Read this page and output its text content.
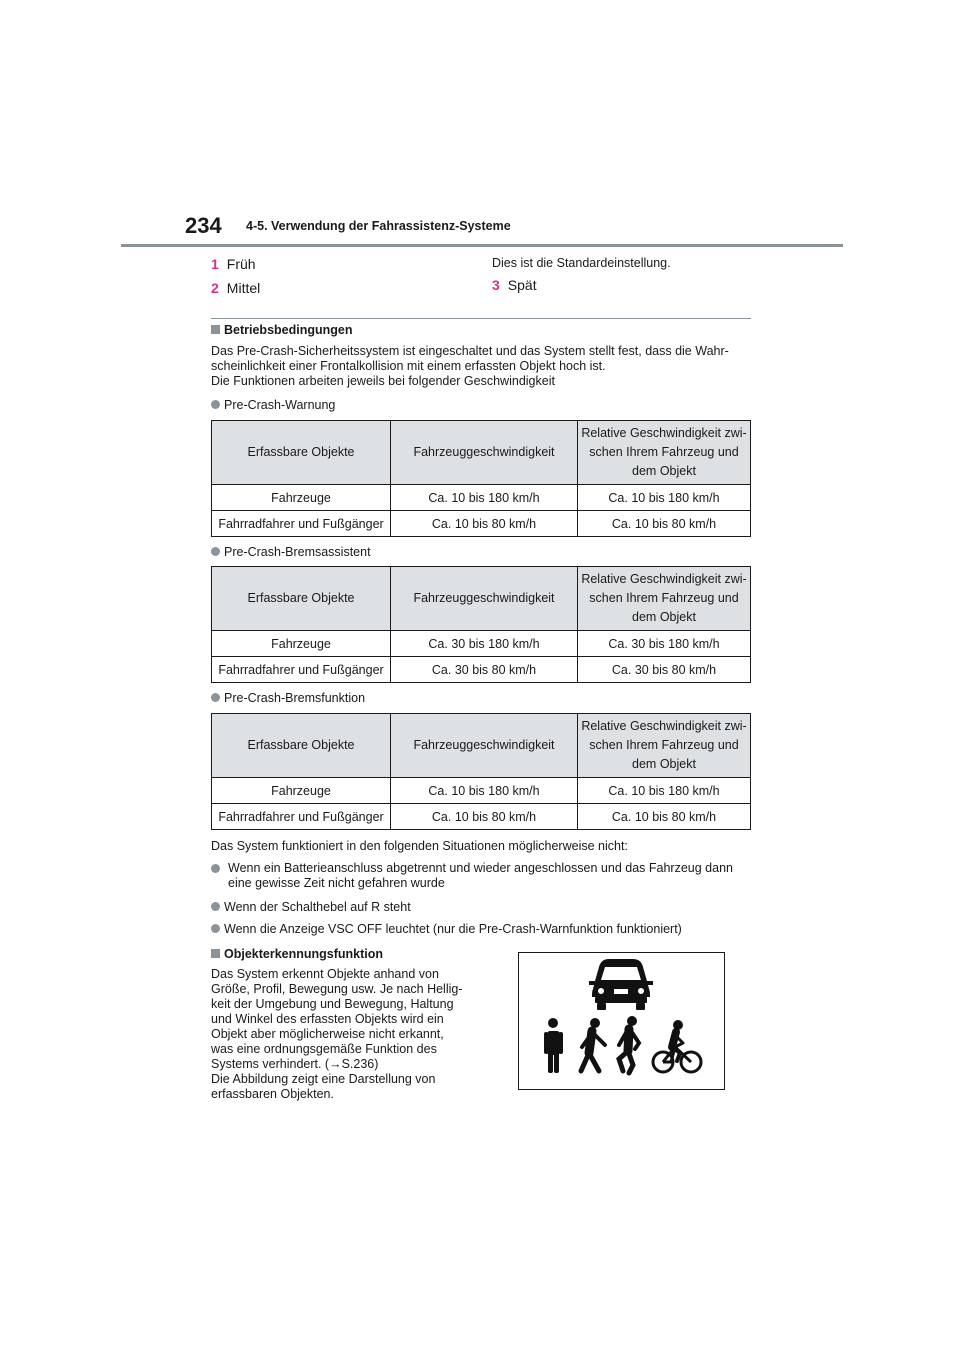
234 4-5. Verwendung der Fahrassistenz-Systeme
1 Früh
2 Mittel
Dies ist die Standardeinstellung.
3 Spät
Betriebsbedingungen
Das Pre-Crash-Sicherheitssystem ist eingeschaltet und das System stellt fest, dass die Wahr-
scheinlichkeit einer Frontalkollision mit einem erfassten Objekt hoch ist.
Die Funktionen arbeiten jeweils bei folgender Geschwindigkeit
Pre-Crash-Warnung
Erfassbare Objekte	Fahrzeuggeschwindigkeit	Relative Geschwindigkeit zwi-
schen Ihrem Fahrzeug und
dem Objekt
Fahrzeuge	Ca. 10 bis 180 km/h	Ca. 10 bis 180 km/h
Fahrradfahrer und Fußgänger	Ca. 10 bis 80 km/h	Ca. 10 bis 80 km/h
Pre-Crash-Bremsassistent
Erfassbare Objekte	Fahrzeuggeschwindigkeit	Relative Geschwindigkeit zwi-
schen Ihrem Fahrzeug und
dem Objekt
Fahrzeuge	Ca. 30 bis 180 km/h	Ca. 30 bis 180 km/h
Fahrradfahrer und Fußgänger	Ca. 30 bis 80 km/h	Ca. 30 bis 80 km/h
Pre-Crash-Bremsfunktion
Erfassbare Objekte	Fahrzeuggeschwindigkeit	Relative Geschwindigkeit zwi-
schen Ihrem Fahrzeug und
dem Objekt
Fahrzeuge	Ca. 10 bis 180 km/h	Ca. 10 bis 180 km/h
Fahrradfahrer und Fußgänger	Ca. 10 bis 80 km/h	Ca. 10 bis 80 km/h
Das System funktioniert in den folgenden Situationen möglicherweise nicht:
Wenn ein Batterieanschluss abgetrennt und wieder angeschlossen und das Fahrzeug dann
eine gewisse Zeit nicht gefahren wurde
Wenn der Schalthebel auf R steht
Wenn die Anzeige VSC OFF leuchtet (nur die Pre-Crash-Warnfunktion funktioniert)
Objekterkennungsfunktion
Das System erkennt Objekte anhand von
Größe, Profil, Bewegung usw. Je nach Hellig-
keit der Umgebung und Bewegung, Haltung
und Winkel des erfassten Objekts wird ein
Objekt aber möglicherweise nicht erkannt,
was eine ordnungsgemäße Funktion des
Systems verhindert. (→S.236)
Die Abbildung zeigt eine Darstellung von
erfassbaren Objekten.
